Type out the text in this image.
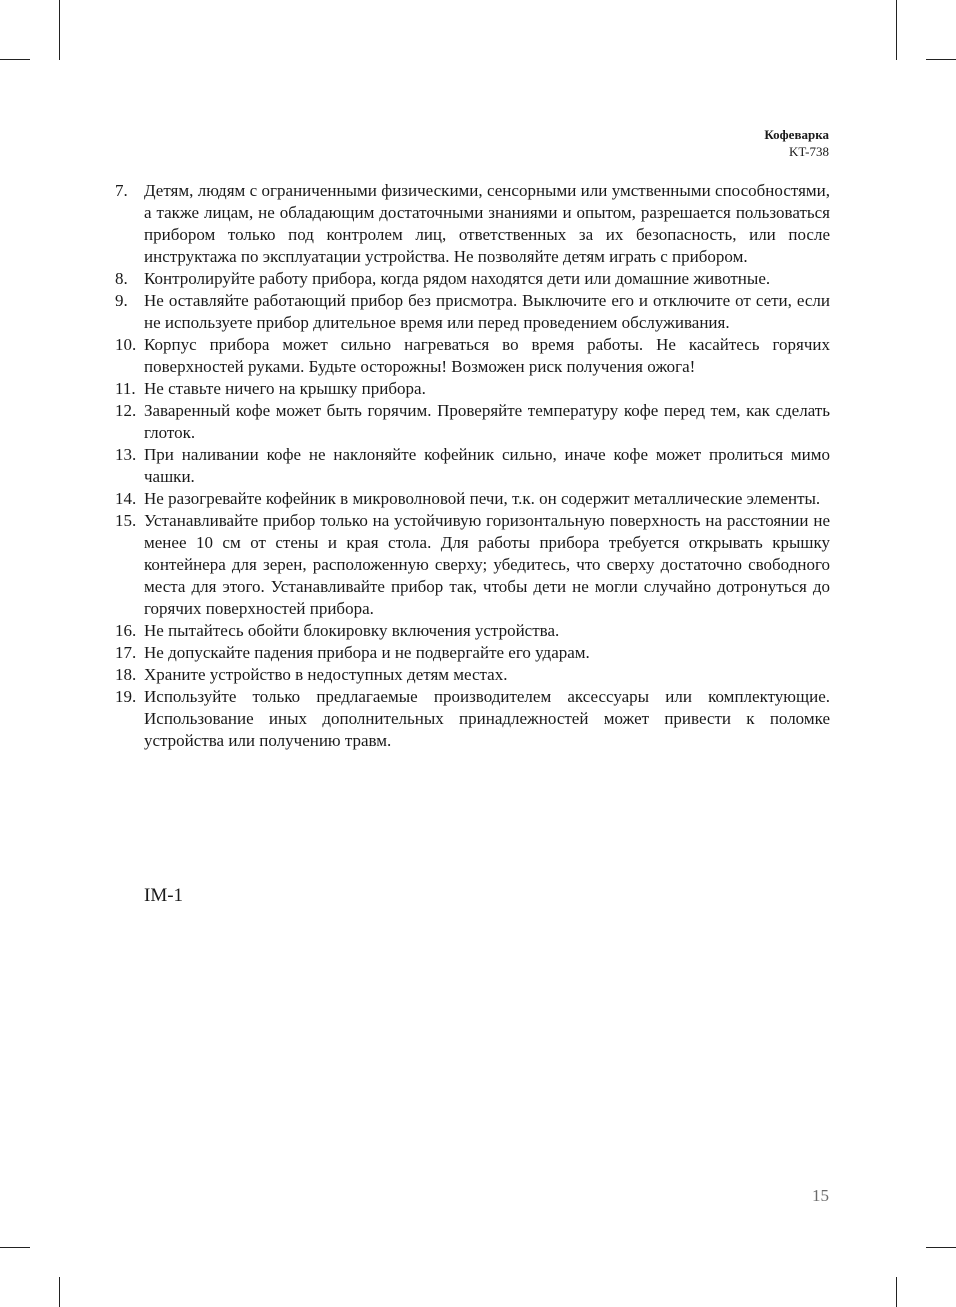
Кофеварка
KT-738
7. Детям, людям с ограниченными физическими, сенсорными или умственными способностями, а также лицам, не обладающим достаточными знаниями и опытом, разрешается пользоваться прибором только под контролем лиц, ответственных за их безопасность, или после инструктажа по эксплуатации устройства. Не позволяйте детям играть с прибором.
8. Контролируйте работу прибора, когда рядом находятся дети или домашние животные.
9. Не оставляйте работающий прибор без присмотра. Выключите его и отключите от сети, если не используете прибор длительное время или перед проведением обслуживания.
10. Корпус прибора может сильно нагреваться во время работы. Не касайтесь горячих поверхностей руками. Будьте осторожны! Возможен риск получения ожога!
11. Не ставьте ничего на крышку прибора.
12. Заваренный кофе может быть горячим. Проверяйте температуру кофе перед тем, как сделать глоток.
13. При наливании кофе не наклоняйте кофейник сильно, иначе кофе может пролиться мимо чашки.
14. Не разогревайте кофейник в микроволновой печи, т.к. он содержит металлические элементы.
15. Устанавливайте прибор только на устойчивую горизонтальную поверхность на расстоянии не менее 10 см от стены и края стола. Для работы прибора требуется открывать крышку контейнера для зерен, расположенную сверху; убедитесь, что сверху достаточно свободного места для этого. Устанавливайте прибор так, чтобы дети не могли случайно дотронуться до горячих поверхностей прибора.
16. Не пытайтесь обойти блокировку включения устройства.
17. Не допускайте падения прибора и не подвергайте его ударам.
18. Храните устройство в недоступных детям местах.
19. Используйте только предлагаемые производителем аксессуары или комплектующие. Использование иных дополнительных принадлежностей может привести к поломке устройства или получению травм.
IM-1
15
